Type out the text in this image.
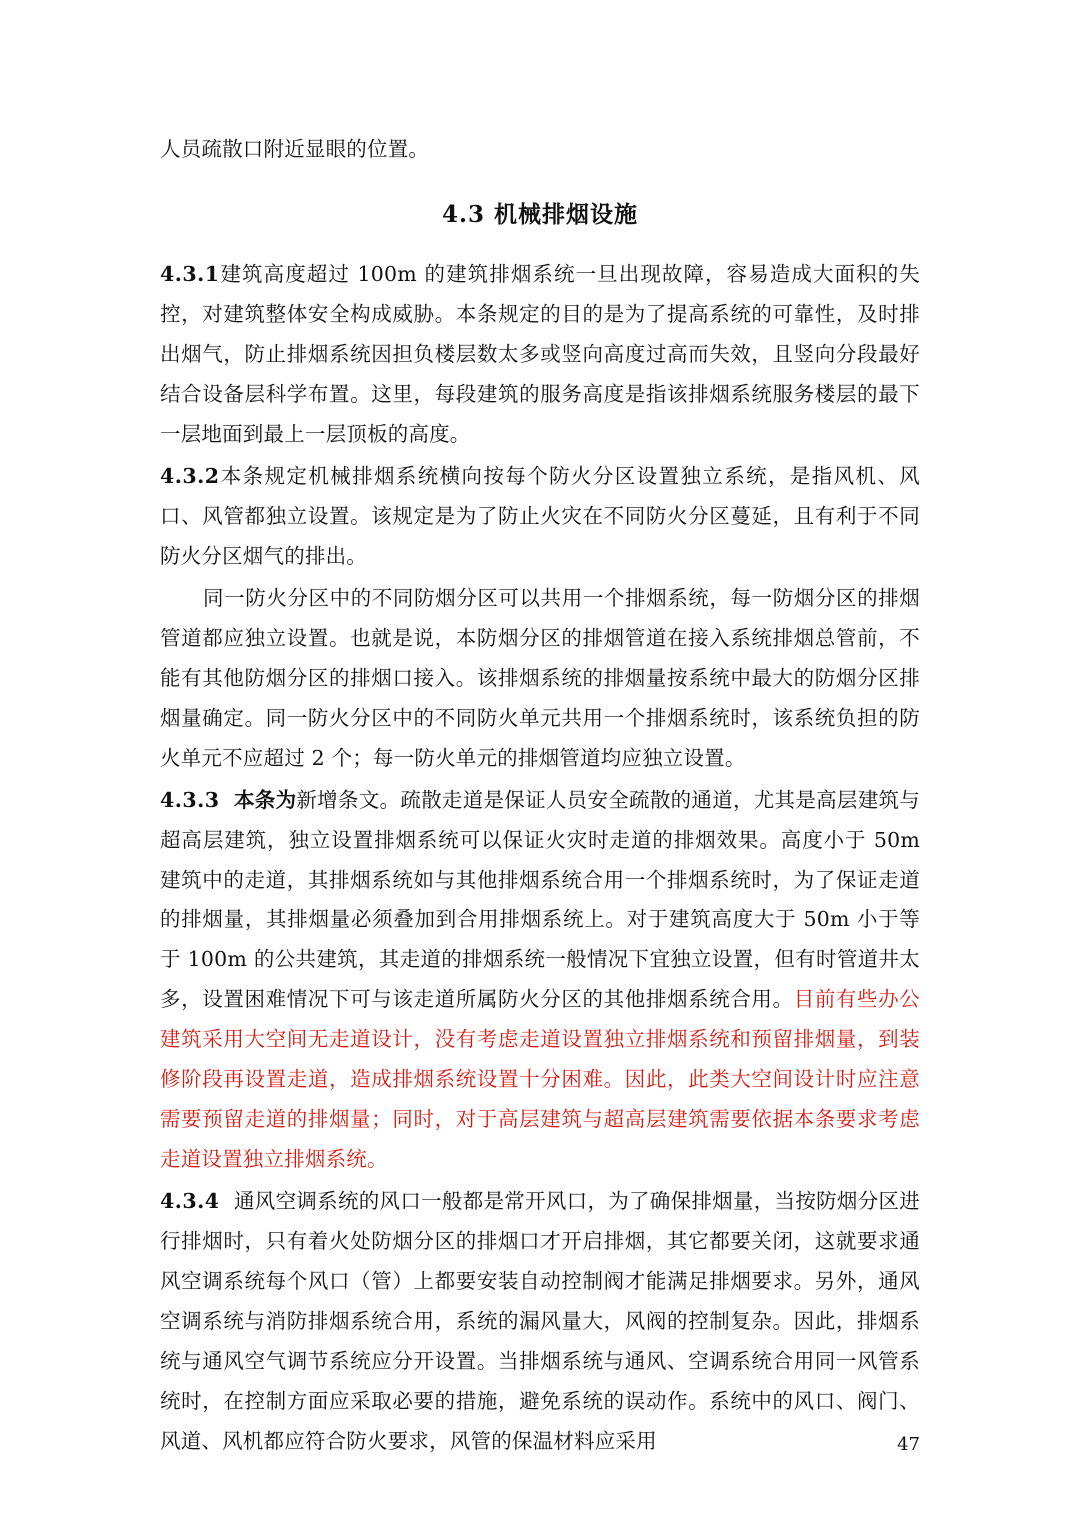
人员疏散口附近显眼的位置。

4.3 机械排烟设施

4.3.1建筑高度超过 100m 的建筑排烟系统一旦出现故障，容易造成大面积的失控，对建筑整体安全构成威胁。本条规定的目的是为了提高系统的可靠性，及时排出烟气，防止排烟系统因担负楼层数太多或竖向高度过高而失效，且竖向分段最好结合设备层科学布置。这里，每段建筑的服务高度是指该排烟系统服务楼层的最下一层地面到最上一层顶板的高度。

4.3.2本条规定机械排烟系统横向按每个防火分区设置独立系统，是指风机、风口、风管都独立设置。该规定是为了防止火灾在不同防火分区蔓延，且有利于不同防火分区烟气的排出。

同一防火分区中的不同防烟分区可以共用一个排烟系统，每一防烟分区的排烟管道都应独立设置。也就是说，本防烟分区的排烟管道在接入系统排烟总管前，不能有其他防烟分区的排烟口接入。该排烟系统的排烟量按系统中最大的防烟分区排烟量确定。同一防火分区中的不同防火单元共用一个排烟系统时，该系统负担的防火单元不应超过 2 个；每一防火单元的排烟管道均应独立设置。

4.3.3 本条为新增条文。疏散走道是保证人员安全疏散的通道，尤其是高层建筑与超高层建筑，独立设置排烟系统可以保证火灾时走道的排烟效果。高度小于 50m 建筑中的走道，其排烟系统如与其他排烟系统合用一个排烟系统时，为了保证走道的排烟量，其排烟量必须叠加到合用排烟系统上。对于建筑高度大于 50m 小于等于 100m 的公共建筑，其走道的排烟系统一般情况下宜独立设置，但有时管道井太多，设置困难情况下可与该走道所属防火分区的其他排烟系统合用。目前有些办公建筑采用大空间无走道设计，没有考虑走道设置独立排烟系统和预留排烟量，到装修阶段再设置走道，造成排烟系统设置十分困难。因此，此类大空间设计时应注意需要预留走道的排烟量；同时，对于高层建筑与超高层建筑需要依据本条要求考虑走道设置独立排烟系统。

4.3.4 通风空调系统的风口一般都是常开风口，为了确保排烟量，当按防烟分区进行排烟时，只有着火处防烟分区的排烟口才开启排烟，其它都要关闭，这就要求通风空调系统每个风口（管）上都要安装自动控制阀才能满足排烟要求。另外，通风空调系统与消防排烟系统合用，系统的漏风量大，风阀的控制复杂。因此，排烟系统与通风空气调节系统应分开设置。当排烟系统与通风、空调系统合用同一风管系统时，在控制方面应采取必要的措施，避免系统的误动作。系统中的风口、阀门、风道、风机都应符合防火要求，风管的保温材料应采用	47
